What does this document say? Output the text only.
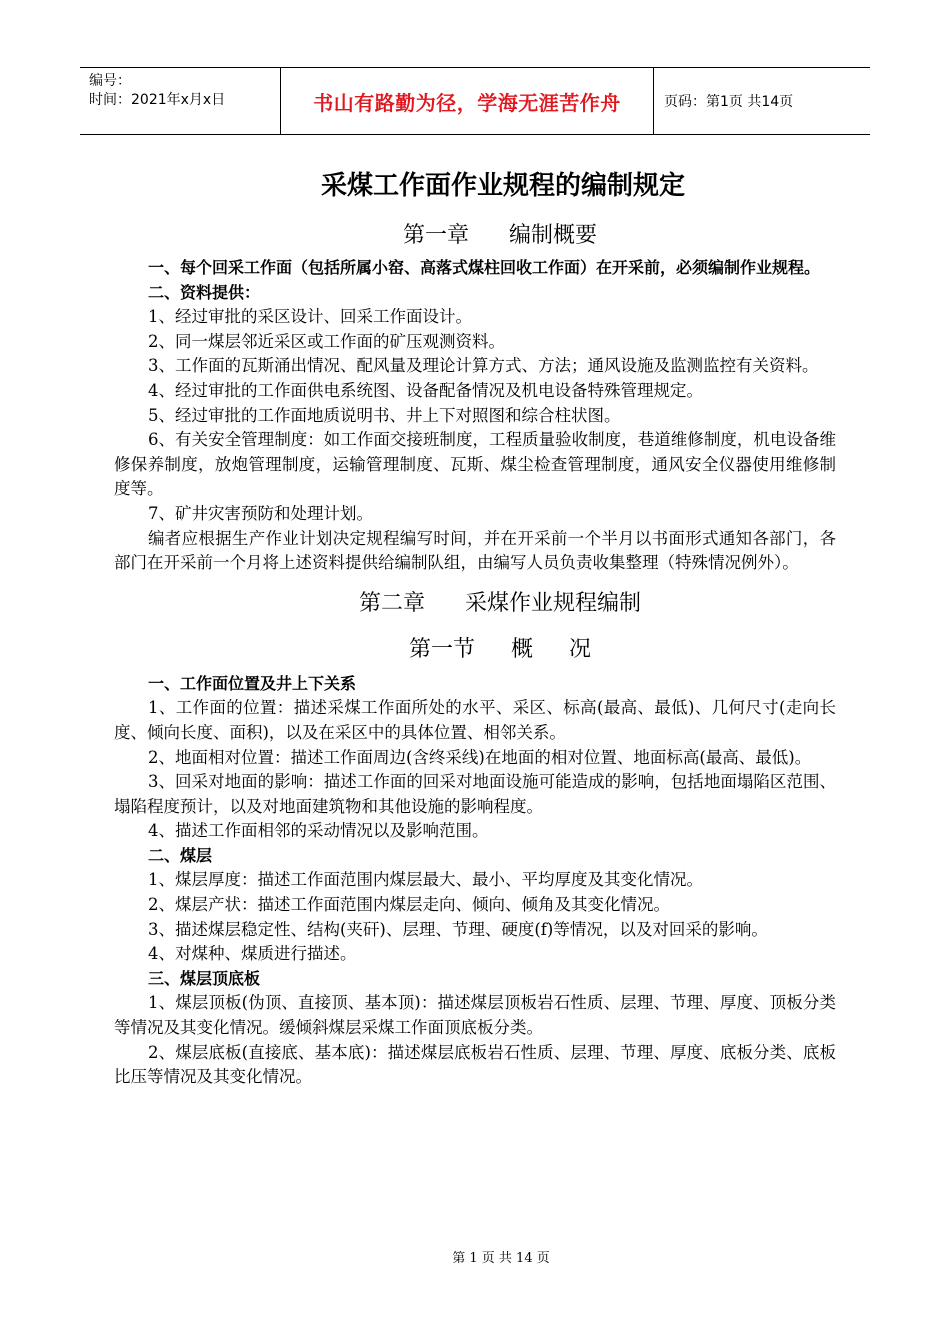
编号：
时间：2021年x月x日	书山有路勤为径，学海无涯苦作舟	页码：第1页 共14页
采煤工作面作业规程的编制规定
第一章 编制概要

一、每个回采工作面（包括所属小窑、高落式煤柱回收工作面）在开采前，必须编制作业规程。

二、资料提供：

1、经过审批的采区设计、回采工作面设计。

2、同一煤层邻近采区或工作面的矿压观测资料。

3、工作面的瓦斯涌出情况、配风量及理论计算方式、方法；通风设施及监测监控有关资料。

4、经过审批的工作面供电系统图、设备配备情况及机电设备特殊管理规定。

5、经过审批的工作面地质说明书、井上下对照图和综合柱状图。

6、有关安全管理制度：如工作面交接班制度，工程质量验收制度，巷道维修制度，机电设备维修保养制度，放炮管理制度，运输管理制度、瓦斯、煤尘检查管理制度，通风安全仪器使用维修制度等。

7、矿井灾害预防和处理计划。

编者应根据生产作业计划决定规程编写时间，并在开采前一个半月以书面形式通知各部门，各部门在开采前一个月将上述资料提供给编制队组，由编写人员负责收集整理（特殊情况例外）。

第二章 采煤作业规程编制
第一节 概 况

一、工作面位置及井上下关系

1、工作面的位置：描述采煤工作面所处的水平、采区、标高(最高、最低)、几何尺寸(走向长度、倾向长度、面积)，以及在采区中的具体位置、相邻关系。

2、地面相对位置：描述工作面周边(含终采线)在地面的相对位置、地面标高(最高、最低)。

3、回采对地面的影响：描述工作面的回采对地面设施可能造成的影响，包括地面塌陷区范围、塌陷程度预计，以及对地面建筑物和其他设施的影响程度。

4、描述工作面相邻的采动情况以及影响范围。

二、煤层

1、煤层厚度：描述工作面范围内煤层最大、最小、平均厚度及其变化情况。

2、煤层产状：描述工作面范围内煤层走向、倾向、倾角及其变化情况。

3、描述煤层稳定性、结构(夹矸)、层理、节理、硬度(f)等情况，以及对回采的影响。

4、对煤种、煤质进行描述。

三、煤层顶底板

1、煤层顶板(伪顶、直接顶、基本顶)：描述煤层顶板岩石性质、层理、节理、厚度、顶板分类等情况及其变化情况。缓倾斜煤层采煤工作面顶底板分类。

2、煤层底板(直接底、基本底)：描述煤层底板岩石性质、层理、节理、厚度、底板分类、底板比压等情况及其变化情况。

第 1 页 共 14 页
